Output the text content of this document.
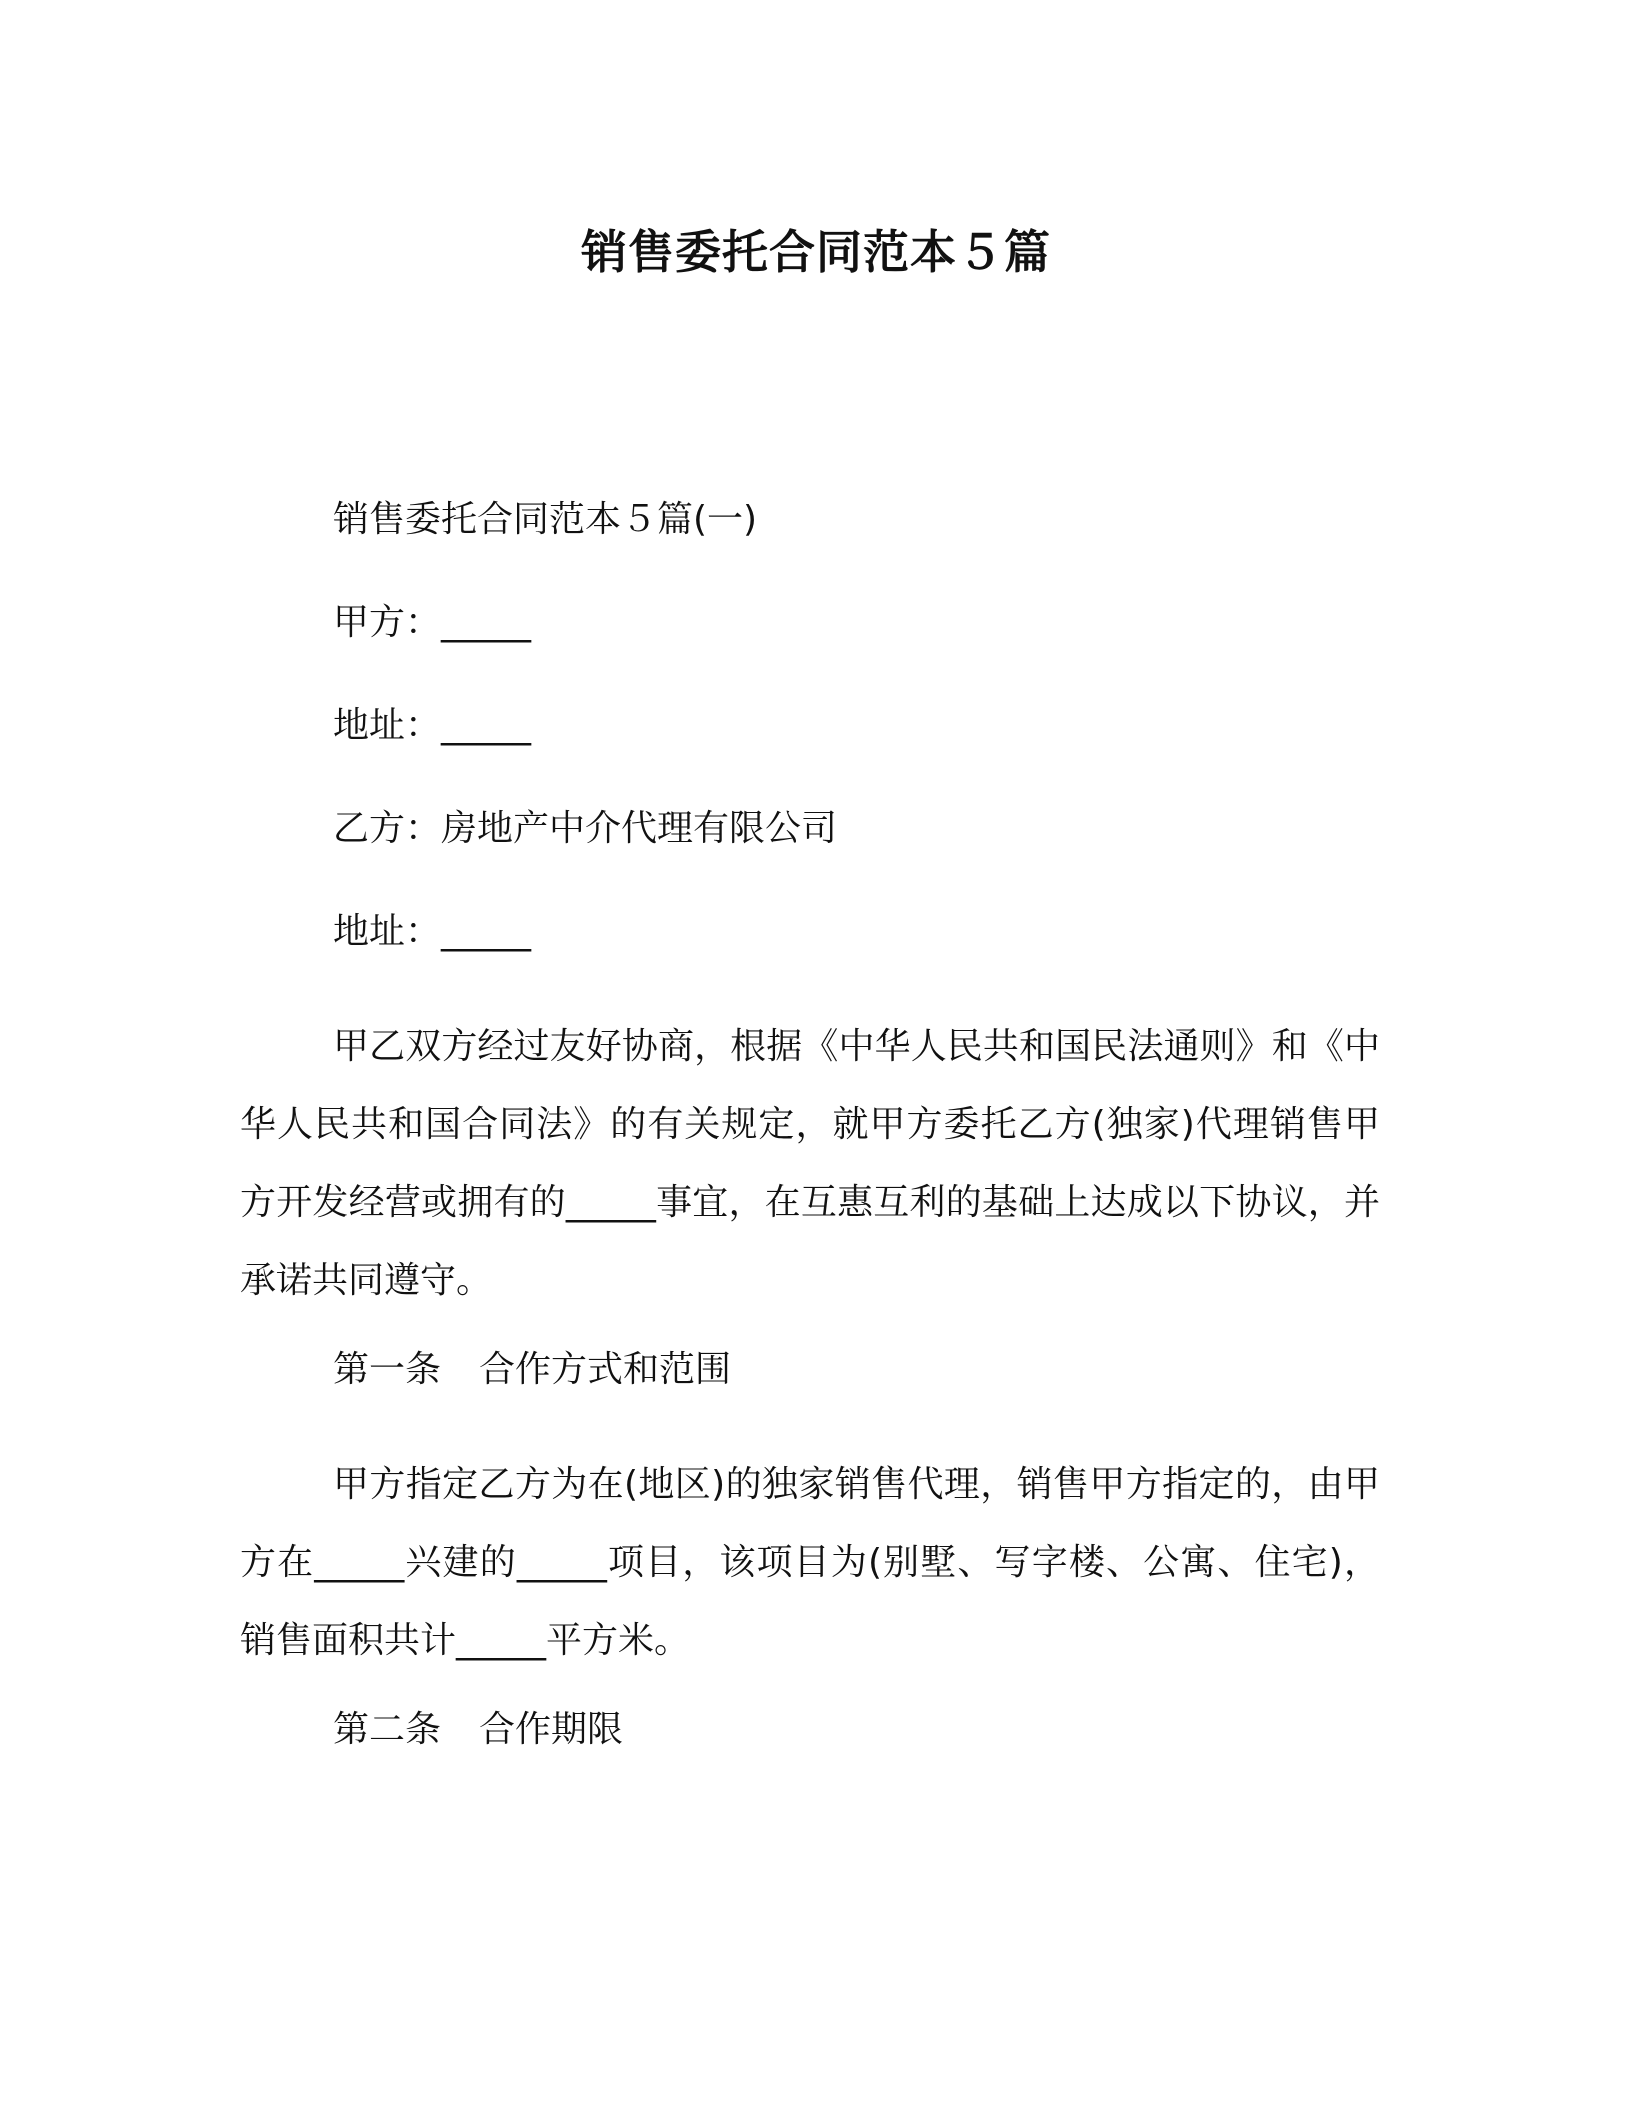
销售委托合同范本５篇
销售委托合同范本５篇(一)
甲方：_____
地址：_____
乙方：房地产中介代理有限公司
地址：_____
甲乙双方经过友好协商，根据《中华人民共和国民法通则》和《中华人民共和国合同法》的有关规定，就甲方委托乙方(独家)代理销售甲方开发经营或拥有的_____事宜，在互惠互利的基础上达成以下协议，并承诺共同遵守。
第一条 合作方式和范围
甲方指定乙方为在(地区)的独家销售代理，销售甲方指定的，由甲方在_____兴建的_____项目，该项目为(别墅、写字楼、公寓、住宅)，销售面积共计_____平方米。
第二条 合作期限
